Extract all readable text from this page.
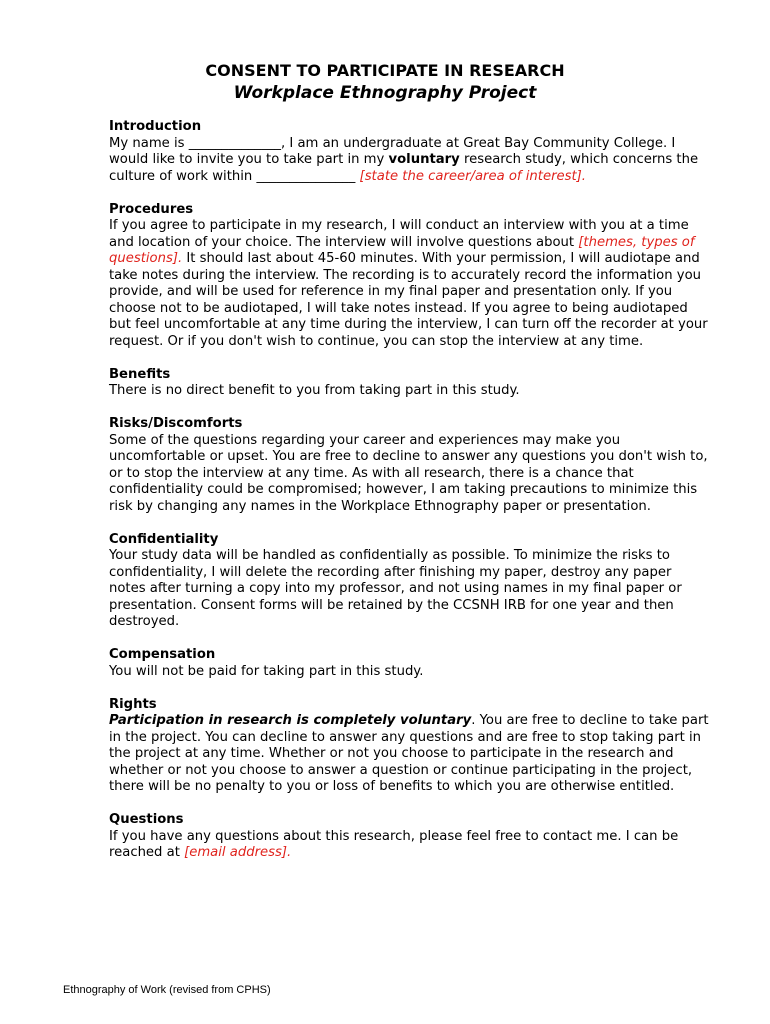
CONSENT TO PARTICIPATE IN RESEARCH
Workplace Ethnography Project
Introduction
My name is ______________, I am an undergraduate at Great Bay Community College. I would like to invite you to take part in my voluntary research study, which concerns the culture of work within _______________ [state the career/area of interest].
Procedures
If you agree to participate in my research, I will conduct an interview with you at a time and location of your choice. The interview will involve questions about [themes, types of questions]. It should last about 45-60 minutes. With your permission, I will audiotape and take notes during the interview. The recording is to accurately record the information you provide, and will be used for reference in my final paper and presentation only. If you choose not to be audiotaped, I will take notes instead. If you agree to being audiotaped but feel uncomfortable at any time during the interview, I can turn off the recorder at your request. Or if you don't wish to continue, you can stop the interview at any time.
Benefits
There is no direct benefit to you from taking part in this study.
Risks/Discomforts
Some of the questions regarding your career and experiences may make you uncomfortable or upset. You are free to decline to answer any questions you don't wish to, or to stop the interview at any time. As with all research, there is a chance that confidentiality could be compromised; however, I am taking precautions to minimize this risk by changing any names in the Workplace Ethnography paper or presentation.
Confidentiality
Your study data will be handled as confidentially as possible. To minimize the risks to confidentiality, I will delete the recording after finishing my paper, destroy any paper notes after turning a copy into my professor, and not using names in my final paper or presentation. Consent forms will be retained by the CCSNH IRB for one year and then destroyed.
Compensation
You will not be paid for taking part in this study.
Rights
Participation in research is completely voluntary. You are free to decline to take part in the project. You can decline to answer any questions and are free to stop taking part in the project at any time. Whether or not you choose to participate in the research and whether or not you choose to answer a question or continue participating in the project, there will be no penalty to you or loss of benefits to which you are otherwise entitled.
Questions
If you have any questions about this research, please feel free to contact me. I can be reached at [email address].
Ethnography of Work (revised from CPHS)
